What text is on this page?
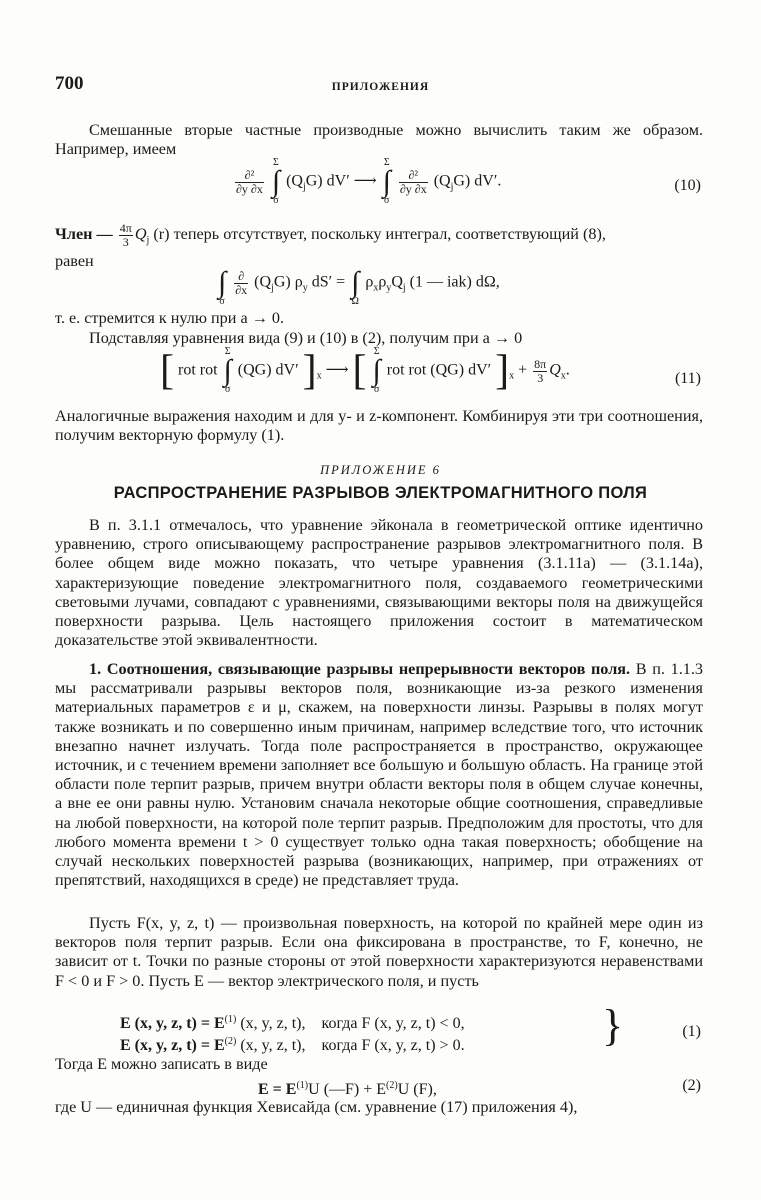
700	ПРИЛОЖЕНИЯ

Смешанные вторые частные производные можно вычислить таким же образом. Например, имеем

$\frac{\text{∂²}}{\partial y \partial x}$
Σ
∫
σ $(Q_jG)$ dV′ ⟶ Σ
∫
σ
$\frac{\text{∂²}}{\partial y \partial x} (Q_jG)$ dV′.	(10)
Член — $\frac{4\pi}{3} Q_j$ (r) теперь отсутствует, поскольку интеграл, соответствующий (8),
равен

∫
σ
$\frac{\partial}{\partial x} (Q_jG)$ $\rho_y$ dS′ = ∫
Ω $\rho_x\rho_yQ_j$ (1 — iak) dΩ,
т. е. стремится к нулю при a → 0.

Подставляя уравнения вида (9) и (10) в (2), получим при a → 0

[ rot rot Σ
∫
σ (QG) dV′ ]$_x$ ⟶ [ Σ
∫
σ rot rot (QG) dV′ ]$_x + \frac{8\pi}{3} Q_x$.	(11)
Аналогичные выражения находим и для y- и z-компонент. Комбинируя эти три соотношения, получим векторную формулу (1).
ПРИЛОЖЕНИЕ 6
РАСПРОСТРАНЕНИЕ РАЗРЫВОВ ЭЛЕКТРОМАГНИТНОГО ПОЛЯ

В п. 3.1.1 отмечалось, что уравнение эйконала в геометрической оптике идентично уравнению, строго описывающему распространение разрывов электромагнитного поля. В более общем виде можно показать, что четыре уравнения (3.1.11а) — (3.1.14а), характеризующие поведение электромагнитного поля, создаваемого геометрическими световыми лучами, совпадают с уравнениями, связывающими векторы поля на движущейся поверхности разрыва. Цель настоящего приложения состоит в математическом доказательстве этой эквивалентности.

1. Соотношения, связывающие разрывы непрерывности векторов поля. В п. 1.1.3 мы рассматривали разрывы векторов поля, возникающие из-за резкого изменения материальных параметров ε и μ, скажем, на поверхности линзы. Разрывы в полях могут также возникать и по совершенно иным причинам, например вследствие того, что источник внезапно начнет излучать. Тогда поле распространяется в пространство, окружающее источник, и с течением времени заполняет все большую и большую область. На границе этой области поле терпит разрыв, причем внутри области векторы поля в общем случае конечны, а вне ее они равны нулю. Установим сначала некоторые общие соотношения, справедливые на любой поверхности, на которой поле терпит разрыв. Предположим для простоты, что для любого момента времени t > 0 существует только одна такая поверхность; обобщение на случай нескольких поверхностей разрыва (возникающих, например, при отражениях от препятствий, находящихся в среде) не представляет труда.

Пусть F(x, y, z, t) — произвольная поверхность, на которой по крайней мере один из векторов поля терпит разрыв. Если она фиксирована в пространстве, то F, конечно, не зависит от t. Точки по разные стороны от этой поверхности характеризуются неравенствами F < 0 и F > 0. Пусть E — вектор электрического поля, и пусть

E (x, y, z, $t) = E^{(1)}$ (x, y, z, t), когда F (x, y, z, t) < 0,
E (x, y, z, $t) = E^{(2)}$ (x, y, z, t), когда F (x, y, z, t) > 0.	}	(1)
Тогда E можно записать в виде
$E = E^{(1)}U$ (—F) + $E^{(2)}U$ (F),	(2)
где U — единичная функция Хевисайда (см. уравнение (17) приложения 4),
